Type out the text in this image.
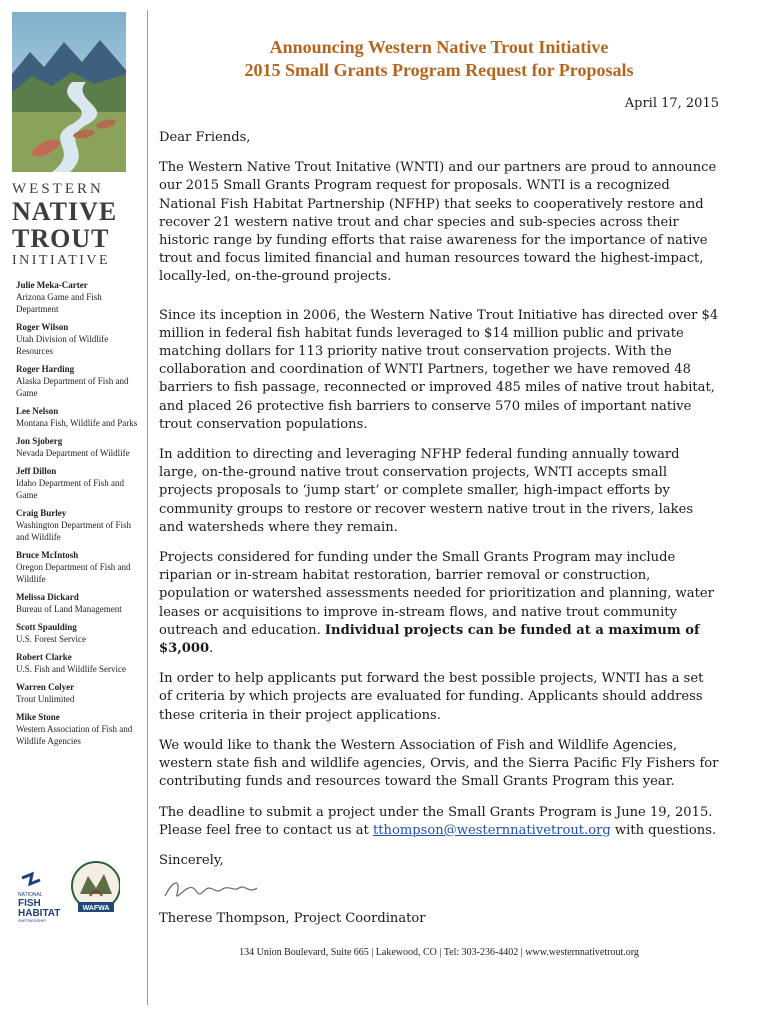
WESTERN
NATIVE
TROUT
INITIATIVE
Julie Meka-Carter
Arizona Game and Fish Department
Roger Wilson
Utah Division of Wildlife Resources
Roger Harding
Alaska Department of Fish and Game
Lee Nelson
Montana Fish, Wildlife and Parks
Jon Sjoberg
Nevada Department of Wildlife
Jeff Dillon
Idaho Department of Fish and Game
Craig Burley
Washington Department of Fish and Wildlife
Bruce McIntosh
Oregon Department of Fish and Wildlife
Melissa Dickard
Bureau of Land Management
Scott Spaulding
U.S. Forest Service
Robert Clarke
U.S. Fish and Wildlife Service
Warren Colyer
Trout Unlimited
Mike Stone
Western Association of Fish and Wildlife Agencies
NATIONAL
FISH
HABITAT
PARTNERSHIP
WAFWA
Announcing Western Native Trout Initiative
2015 Small Grants Program Request for Proposals
April 17, 2015

Dear Friends,

The Western Native Trout Initative (WNTI) and our partners are proud to announce our 2015 Small Grants Program request for proposals. WNTI is a recognized National Fish Habitat Partnership (NFHP) that seeks to cooperatively restore and recover 21 western native trout and char species and sub-species across their historic range by funding efforts that raise awareness for the importance of native trout and focus limited financial and human resources toward the highest-impact, locally-led, on-the-ground projects.

Since its inception in 2006, the Western Native Trout Initiative has directed over $4 million in federal fish habitat funds leveraged to $14 million public and private matching dollars for 113 priority native trout conservation projects. With the collaboration and coordination of WNTI Partners, together we have removed 48 barriers to fish passage, reconnected or improved 485 miles of native trout habitat, and placed 26 protective fish barriers to conserve 570 miles of important native trout conservation populations.

In addition to directing and leveraging NFHP federal funding annually toward large, on-the-ground native trout conservation projects, WNTI accepts small projects proposals to ‘jump start’ or complete smaller, high-impact efforts by community groups to restore or recover western native trout in the rivers, lakes and watersheds where they remain.

Projects considered for funding under the Small Grants Program may include riparian or in-stream habitat restoration, barrier removal or construction, population or watershed assessments needed for prioritization and planning, water leases or acquisitions to improve in-stream flows, and native trout community outreach and education. Individual projects can be funded at a maximum of $3,000.

In order to help applicants put forward the best possible projects, WNTI has a set of criteria by which projects are evaluated for funding. Applicants should address these criteria in their project applications.

We would like to thank the Western Association of Fish and Wildlife Agencies, western state fish and wildlife agencies, Orvis, and the Sierra Pacific Fly Fishers for contributing funds and resources toward the Small Grants Program this year.

The deadline to submit a project under the Small Grants Program is June 19, 2015. Please feel free to contact us at tthompson@westernnativetrout.org with questions.

Sincerely,

Therese Thompson, Project Coordinator

134 Union Boulevard, Suite 665 | Lakewood, CO | Tel: 303-236-4402 | www.westernnativetrout.org
